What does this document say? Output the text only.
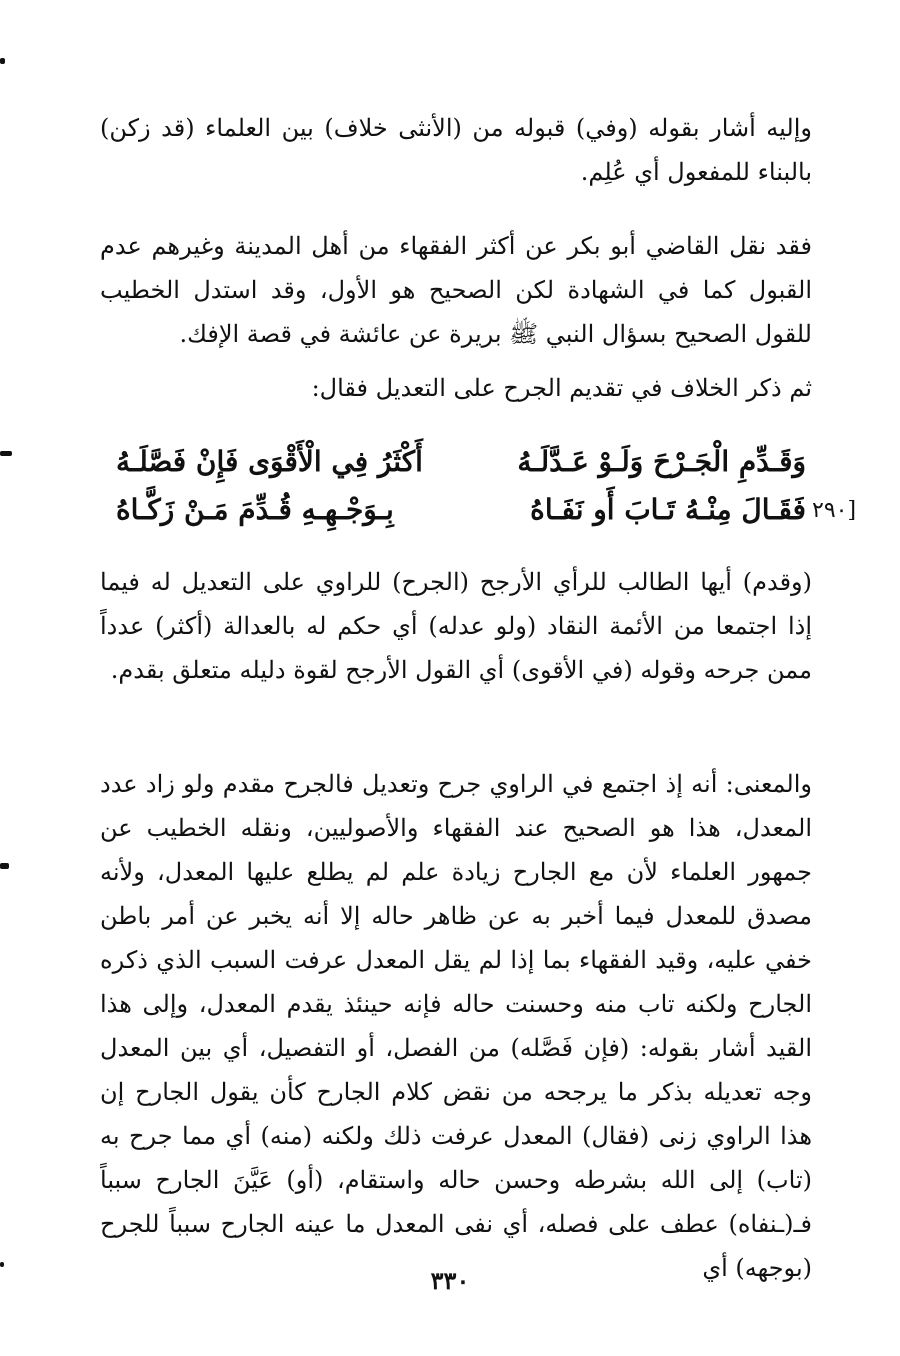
وإليه أشار بقوله (وفي) قبوله من (الأنثى خلاف) بين العلماء (قد زكن) بالبناء للمفعول أي عُلِم.

فقد نقل القاضي أبو بكر عن أكثر الفقهاء من أهل المدينة وغيرهم عدم القبول كما في الشهادة لكن الصحيح هو الأول، وقد استدل الخطيب للقول الصحيح بسؤال النبي ﷺ بريرة عن عائشة في قصة الإفك.

ثم ذكر الخلاف في تقديم الجرح على التعديل فقال:

وَقَـدِّمِ الْجَـرْحَ وَلَـوْ عَـدَّلَـهُ
أَكْثَرُ فِي الْأَقْوَى فَإِنْ فَصَّلَـهُ
فَقَـالَ مِنْـهُ تَـابَ أَو نَفَـاهُ
بِـوَجْـهِـهِ قُـدِّمَ مَـنْ زَكَّـاهُ	[٢٩٠

(وقدم) أيها الطالب للرأي الأرجح (الجرح) للراوي على التعديل له فيما إذا اجتمعا من الأئمة النقاد (ولو عدله) أي حكم له بالعدالة (أكثر) عدداً ممن جرحه وقوله (في الأقوى) أي القول الأرجح لقوة دليله متعلق بقدم.

والمعنى: أنه إذ اجتمع في الراوي جرح وتعديل فالجرح مقدم ولو زاد عدد المعدل، هذا هو الصحيح عند الفقهاء والأصوليين، ونقله الخطيب عن جمهور العلماء لأن مع الجارح زيادة علم لم يطلع عليها المعدل، ولأنه مصدق للمعدل فيما أخبر به عن ظاهر حاله إلا أنه يخبر عن أمر باطن خفي عليه، وقيد الفقهاء بما إذا لم يقل المعدل عرفت السبب الذي ذكره الجارح ولكنه تاب منه وحسنت حاله فإنه حينئذ يقدم المعدل، وإلى هذا القيد أشار بقوله: (فإن فَصَّله) من الفصل، أو التفصيل، أي بين المعدل وجه تعديله بذكر ما يرجحه من نقض كلام الجارح كأن يقول الجارح إن هذا الراوي زنى (فقال) المعدل عرفت ذلك ولكنه (منه) أي مما جرح به (تاب) إلى الله بشرطه وحسن حاله واستقام، (أو) عَيَّنَ الجارح سبباً فـ(ـنفاه) عطف على فصله، أي نفى المعدل ما عينه الجارح سبباً للجرح (بوجهه) أي

٣٣٠
